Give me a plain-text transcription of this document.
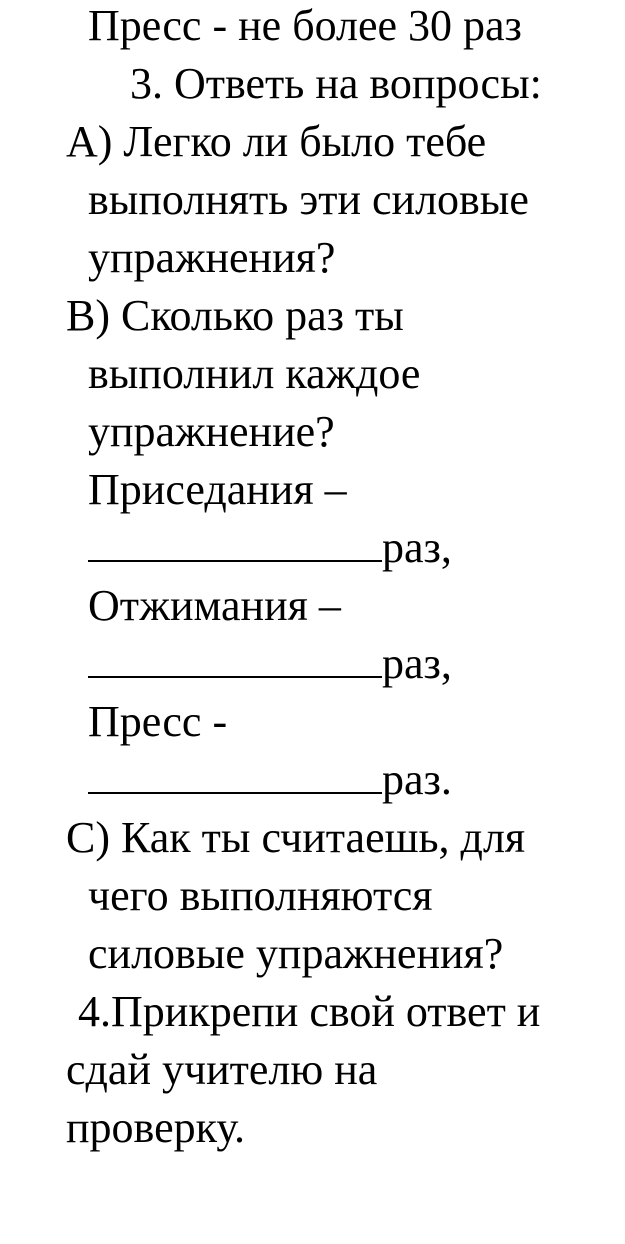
Пресс - не более 30 раз
3. Ответь на вопросы:
А) Легко ли было тебе
выполнять эти силовые
упражнения?
В) Сколько раз ты
выполнил каждое
упражнение?
Приседания –
раз,
Отжимания –
раз,
Пресс -
раз.
С) Как ты считаешь, для
чего выполняются
силовые упражнения?
4.Прикрепи свой ответ и
сдай учителю на
проверку.
